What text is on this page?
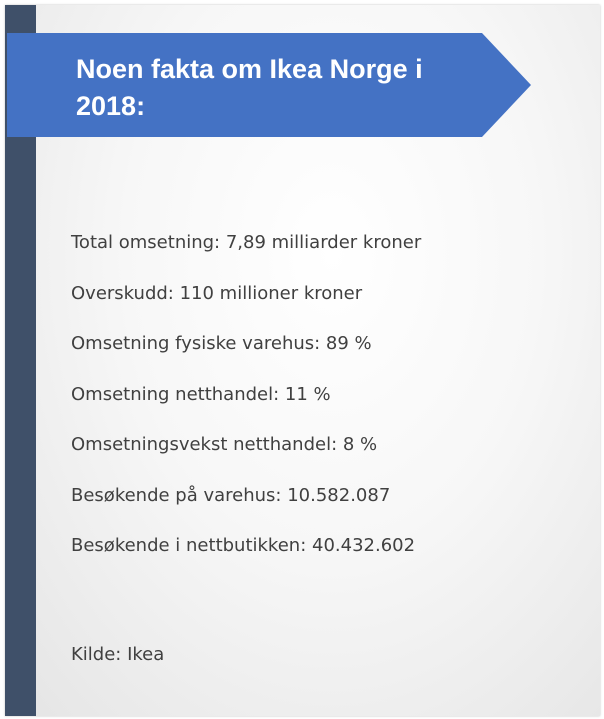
Noen fakta om Ikea Norge i 2018:
Total omsetning: 7,89 milliarder kroner
Overskudd: 110 millioner kroner
Omsetning fysiske varehus: 89 %
Omsetning netthandel: 11 %
Omsetningsvekst netthandel: 8 %
Besøkende på varehus: 10.582.087
Besøkende i nettbutikken: 40.432.602

Kilde: Ikea
